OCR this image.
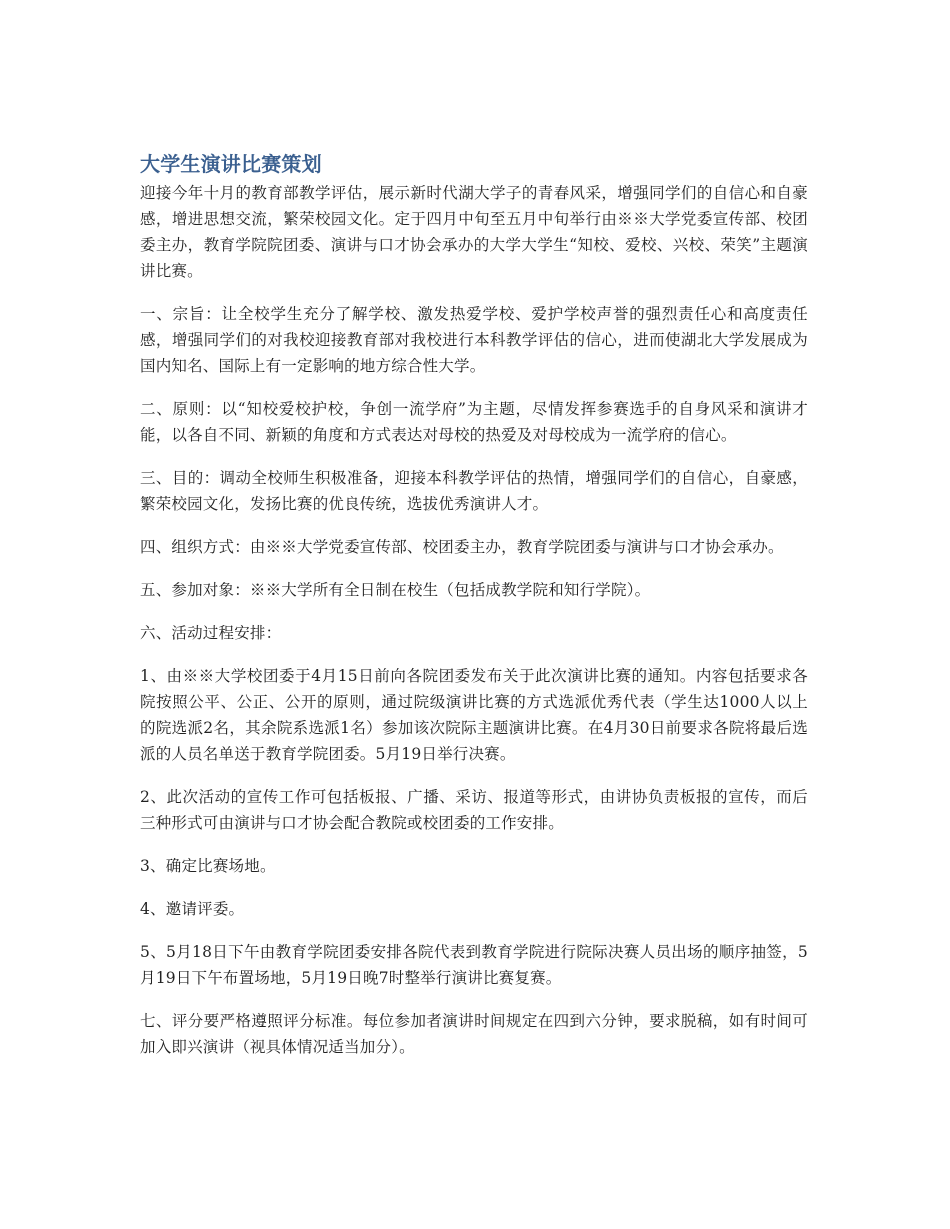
大学生演讲比赛策划

迎接今年十月的教育部教学评估，展示新时代湖大学子的青春风采，增强同学们的自信心和自豪感，增进思想交流，繁荣校园文化。定于四月中旬至五月中旬举行由※※大学党委宣传部、校团委主办，教育学院院团委、演讲与口才协会承办的大学大学生“知校、爱校、兴校、荣笑”主题演讲比赛。

一、宗旨：让全校学生充分了解学校、激发热爱学校、爱护学校声誉的强烈责任心和高度责任感，增强同学们的对我校迎接教育部对我校进行本科教学评估的信心，进而使湖北大学发展成为国内知名、国际上有一定影响的地方综合性大学。

二、原则：以“知校爱校护校，争创一流学府”为主题，尽情发挥参赛选手的自身风采和演讲才能，以各自不同、新颖的角度和方式表达对母校的热爱及对母校成为一流学府的信心。

三、目的：调动全校师生积极准备，迎接本科教学评估的热情，增强同学们的自信心，自豪感，繁荣校园文化，发扬比赛的优良传统，选拔优秀演讲人才。

四、组织方式：由※※大学党委宣传部、校团委主办，教育学院团委与演讲与口才协会承办。

五、参加对象：※※大学所有全日制在校生（包括成教学院和知行学院）。

六、活动过程安排：

1、由※※大学校团委于4月15日前向各院团委发布关于此次演讲比赛的通知。内容包括要求各院按照公平、公正、公开的原则，通过院级演讲比赛的方式选派优秀代表（学生达1000人以上的院选派2名，其余院系选派1名）参加该次院际主题演讲比赛。在4月30日前要求各院将最后选派的人员名单送于教育学院团委。5月19日举行决赛。

2、此次活动的宣传工作可包括板报、广播、采访、报道等形式，由讲协负责板报的宣传，而后三种形式可由演讲与口才协会配合教院或校团委的工作安排。

3、确定比赛场地。

4、邀请评委。

5、5月18日下午由教育学院团委安排各院代表到教育学院进行院际决赛人员出场的顺序抽签，5月19日下午布置场地，5月19日晚7时整举行演讲比赛复赛。

七、评分要严格遵照评分标准。每位参加者演讲时间规定在四到六分钟，要求脱稿，如有时间可加入即兴演讲（视具体情况适当加分）。
